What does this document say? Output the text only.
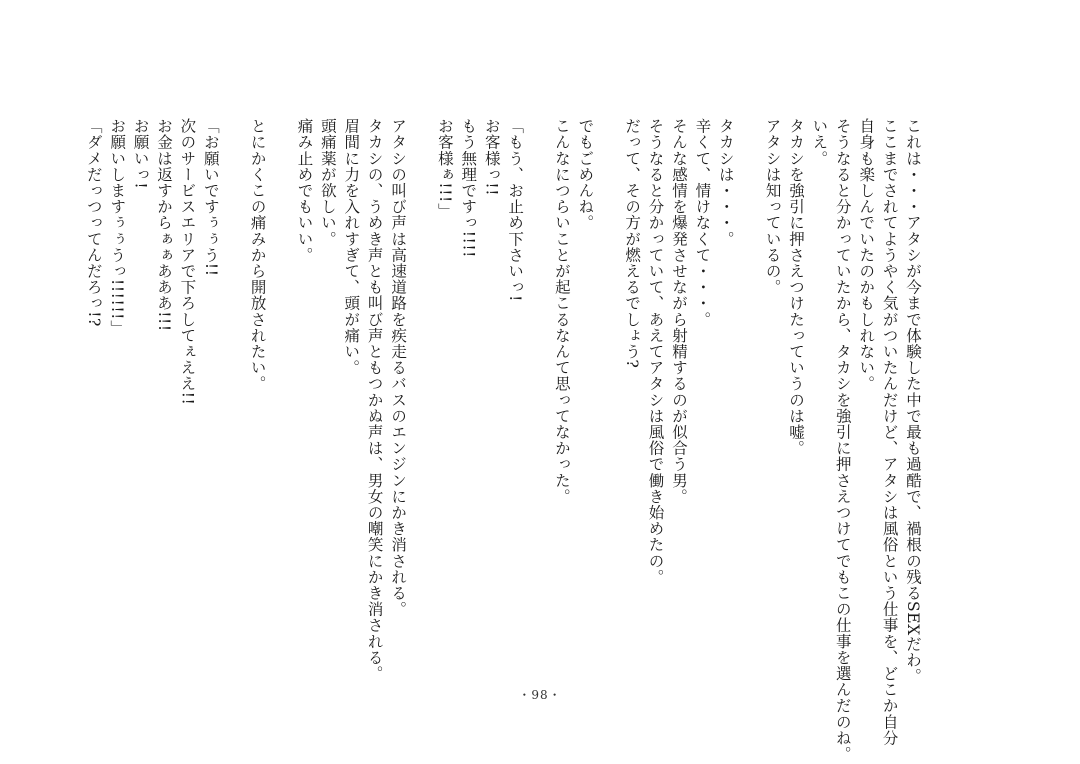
これは・・・アタシが今まで体験した中で最も過酷で、禍根の残るSEXだわ。
ここまでされてようやく気がついたんだけど、アタシは風俗という仕事を、どこか自分
自身も楽しんでいたのかもしれない。
そうなると分かっていたから、タカシを強引に押さえつけてでもこの仕事を選んだのね。
いえ。
タカシを強引に押さえつけたっていうのは嘘。
アタシは知っているの。

タカシは・・・。
辛くて、情けなくて・・・。
そんな感情を爆発させながら射精するのが似合う男。
そうなると分かっていて、あえてアタシは風俗で働き始めたの。
だって、その方が燃えるでしょう?

でもごめんね。
こんなにつらいことが起こるなんて思ってなかった。

「もう、お止め下さいっ!
お客様っ!!
もう無理ですっ!!!!
お客様ぁ!!!」

アタシの叫び声は高速道路を疾走るバスのエンジンにかき消される。
タカシの、うめき声とも叫び声ともつかぬ声は、男女の嘲笑にかき消される。
眉間に力を入れすぎて、頭が痛い。
頭痛薬が欲しい。
痛み止めでもいい。

とにかくこの痛みから開放されたい。

「お願いですぅぅう!!
次のサービスエリアで下ろしてぇええ!!
お金は返すからぁぁあああ!!!
お願いっ!
お願いしますぅぅうっ!!!!!!」
「ダメだっつってんだろっ!?
・98・
